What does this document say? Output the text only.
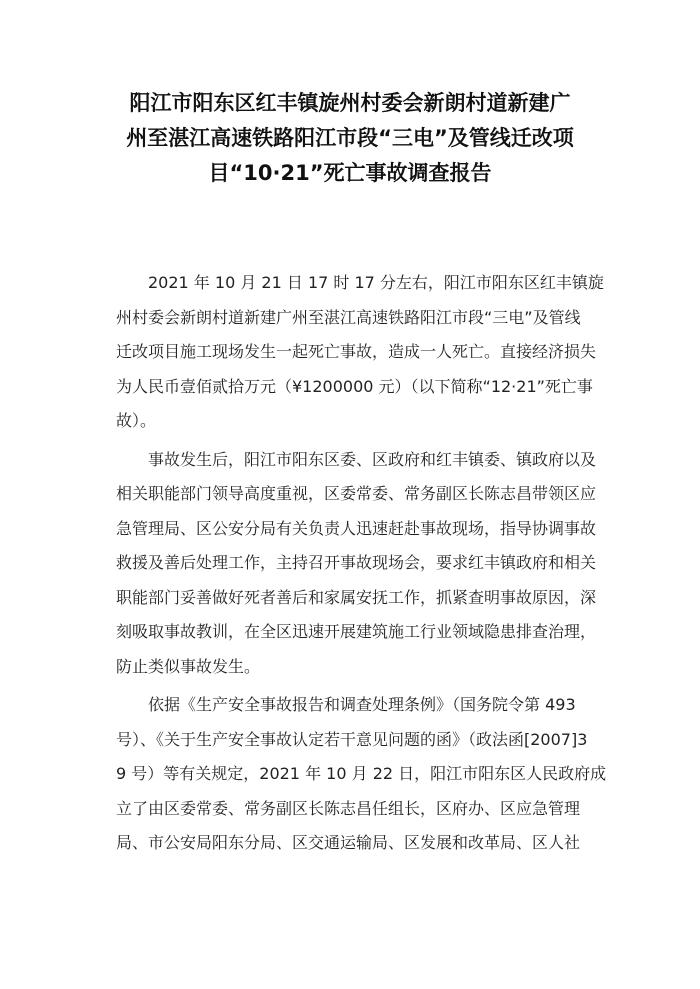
阳江市阳东区红丰镇旋州村委会新朗村道新建广
州至湛江高速铁路阳江市段“三电”及管线迁改项
目“10·21”死亡事故调查报告

2021 年 10 月 21 日 17 时 17 分左右，阳江市阳东区红丰镇旋
州村委会新朗村道新建广州至湛江高速铁路阳江市段“三电”及管线
迁改项目施工现场发生一起死亡事故，造成一人死亡。直接经济损失
为人民币壹佰贰拾万元（¥1200000 元）（以下简称“12·21”死亡事
故）。

事故发生后，阳江市阳东区委、区政府和红丰镇委、镇政府以及
相关职能部门领导高度重视，区委常委、常务副区长陈志昌带领区应
急管理局、区公安分局有关负责人迅速赶赴事故现场，指导协调事故
救援及善后处理工作，主持召开事故现场会，要求红丰镇政府和相关
职能部门妥善做好死者善后和家属安抚工作，抓紧查明事故原因，深
刻吸取事故教训，在全区迅速开展建筑施工行业领域隐患排查治理，
防止类似事故发生。

依据《生产安全事故报告和调查处理条例》（国务院令第 493
号）、《关于生产安全事故认定若干意见问题的函》（政法函[2007]3
9 号）等有关规定，2021 年 10 月 22 日，阳江市阳东区人民政府成
立了由区委常委、常务副区长陈志昌任组长，区府办、区应急管理
局、市公安局阳东分局、区交通运输局、区发展和改革局、区人社
